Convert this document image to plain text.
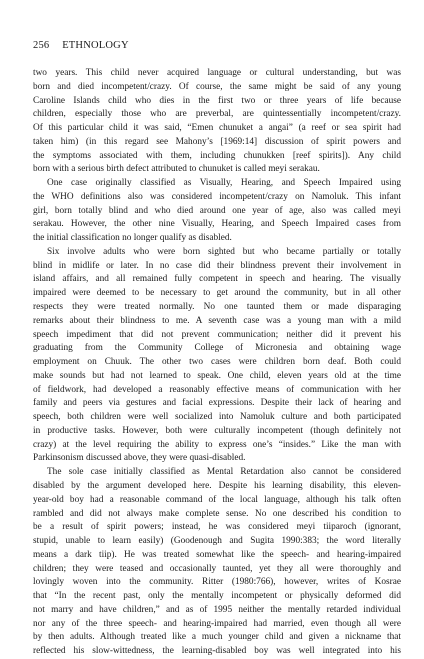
256 ETHNOLOGY
two years. This child never acquired language or cultural understanding, but was
born and died incompetent/crazy. Of course, the same might be said of any young
Caroline Islands child who dies in the first two or three years of life because
children, especially those who are preverbal, are quintessentially incompetent/crazy.
Of this particular child it was said, “Emen chunuket a angai” (a reef or sea spirit had
taken him) (in this regard see Mahony’s [1969:14] discussion of spirit powers and
the symptoms associated with them, including chunukken [reef spirits]). Any child
born with a serious birth defect attributed to chunuket is called meyi serakau.
One case originally classified as Visually, Hearing, and Speech Impaired using
the WHO definitions also was considered incompetent/crazy on Namoluk. This infant
girl, born totally blind and who died around one year of age, also was called meyi
serakau. However, the other nine Visually, Hearing, and Speech Impaired cases from
the initial classification no longer qualify as disabled.
Six involve adults who were born sighted but who became partially or totally
blind in midlife or later. In no case did their blindness prevent their involvement in
island affairs, and all remained fully competent in speech and hearing. The visually
impaired were deemed to be necessary to get around the community, but in all other
respects they were treated normally. No one taunted them or made disparaging
remarks about their blindness to me. A seventh case was a young man with a mild
speech impediment that did not prevent communication; neither did it prevent his
graduating from the Community College of Micronesia and obtaining wage
employment on Chuuk. The other two cases were children born deaf. Both could
make sounds but had not learned to speak. One child, eleven years old at the time
of fieldwork, had developed a reasonably effective means of communication with her
family and peers via gestures and facial expressions. Despite their lack of hearing and
speech, both children were well socialized into Namoluk culture and both participated
in productive tasks. However, both were culturally incompetent (though definitely not
crazy) at the level requiring the ability to express one’s “insides.” Like the man with
Parkinsonism discussed above, they were quasi-disabled.
The sole case initially classified as Mental Retardation also cannot be considered
disabled by the argument developed here. Despite his learning disability, this eleven-
year-old boy had a reasonable command of the local language, although his talk often
rambled and did not always make complete sense. No one described his condition to
be a result of spirit powers; instead, he was considered meyi tiiparoch (ignorant,
stupid, unable to learn easily) (Goodenough and Sugita 1990:383; the word literally
means a dark tiip). He was treated somewhat like the speech- and hearing-impaired
children; they were teased and occasionally taunted, yet they all were thoroughly and
lovingly woven into the community. Ritter (1980:766), however, writes of Kosrae
that “In the recent past, only the mentally incompetent or physically deformed did
not marry and have children,” and as of 1995 neither the mentally retarded individual
nor any of the three speech- and hearing-impaired had married, even though all were
by then adults. Although treated like a much younger child and given a nickname that
reflected his slow-wittedness, the learning-disabled boy was well integrated into his
